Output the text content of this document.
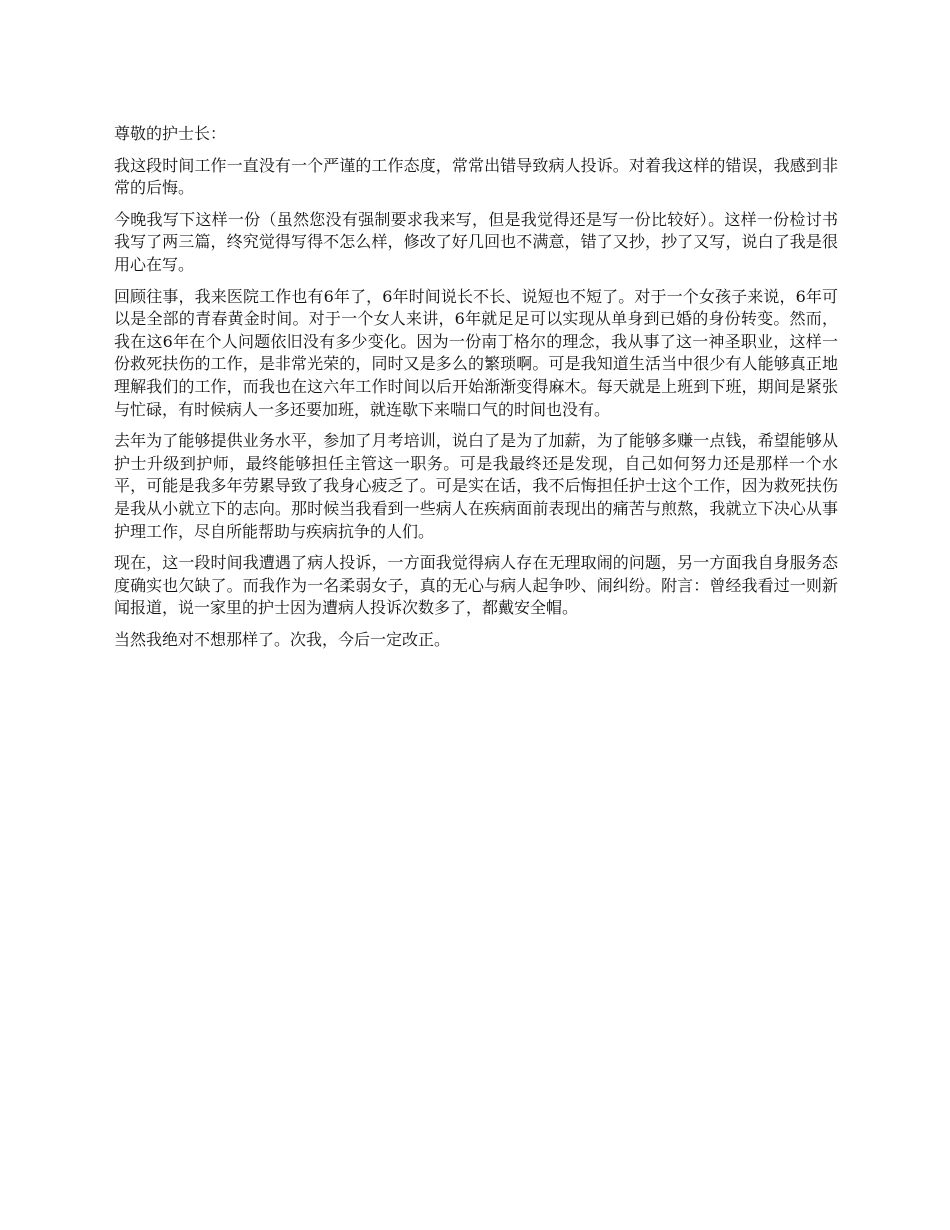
尊敬的护士长：

我这段时间工作一直没有一个严谨的工作态度，常常出错导致病人投诉。对着我这样的错误，我感到非常的后悔。

今晚我写下这样一份（虽然您没有强制要求我来写，但是我觉得还是写一份比较好）。这样一份检讨书我写了两三篇，终究觉得写得不怎么样，修改了好几回也不满意，错了又抄，抄了又写，说白了我是很用心在写。

回顾往事，我来医院工作也有6年了，6年时间说长不长、说短也不短了。对于一个女孩子来说，6年可以是全部的青春黄金时间。对于一个女人来讲，6年就足足可以实现从单身到已婚的身份转变。然而，我在这6年在个人问题依旧没有多少变化。因为一份南丁格尔的理念，我从事了这一神圣职业，这样一份救死扶伤的工作，是非常光荣的，同时又是多么的繁琐啊。可是我知道生活当中很少有人能够真正地理解我们的工作，而我也在这六年工作时间以后开始渐渐变得麻木。每天就是上班到下班，期间是紧张与忙碌，有时候病人一多还要加班，就连歇下来喘口气的时间也没有。

去年为了能够提供业务水平，参加了月考培训，说白了是为了加薪，为了能够多赚一点钱，希望能够从护士升级到护师，最终能够担任主管这一职务。可是我最终还是发现，自己如何努力还是那样一个水平，可能是我多年劳累导致了我身心疲乏了。可是实在话，我不后悔担任护士这个工作，因为救死扶伤是我从小就立下的志向。那时候当我看到一些病人在疾病面前表现出的痛苦与煎熬，我就立下决心从事护理工作，尽自所能帮助与疾病抗争的人们。

现在，这一段时间我遭遇了病人投诉，一方面我觉得病人存在无理取闹的问题，另一方面我自身服务态度确实也欠缺了。而我作为一名柔弱女子，真的无心与病人起争吵、闹纠纷。附言：曾经我看过一则新闻报道，说一家里的护士因为遭病人投诉次数多了，都戴安全帽。

当然我绝对不想那样了。次我，今后一定改正。
